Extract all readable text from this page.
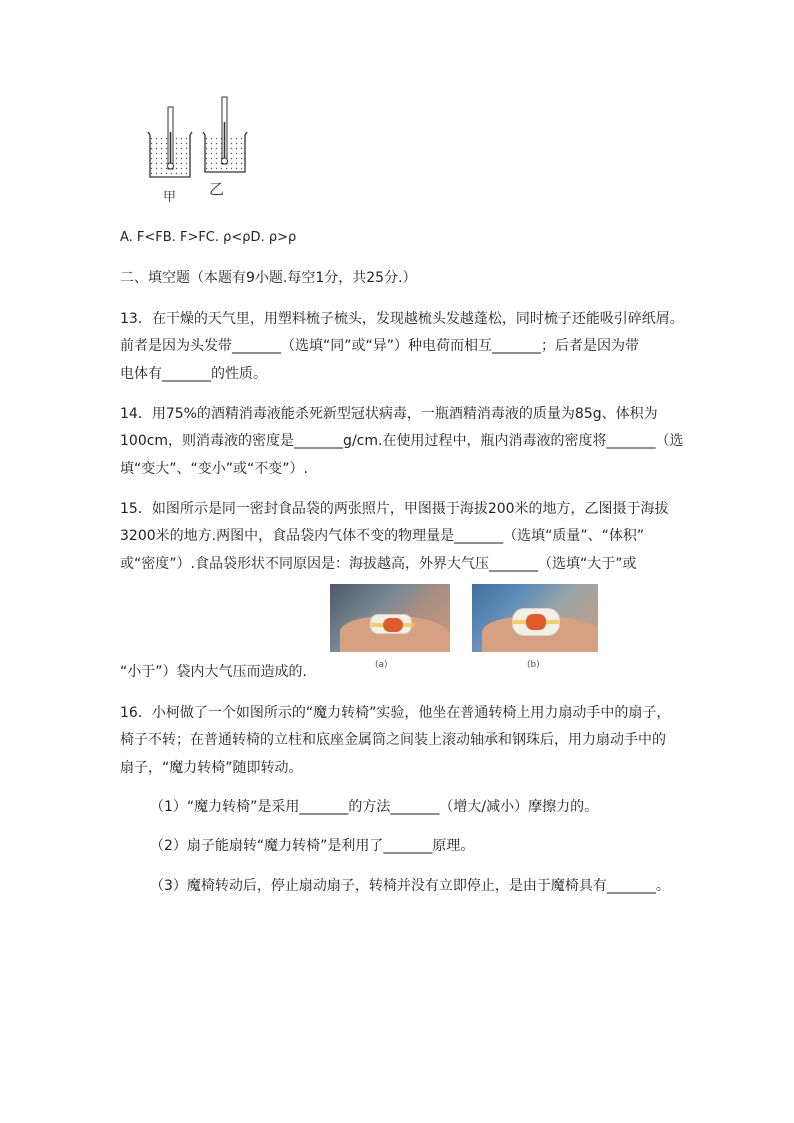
甲 乙
A. F<FB. F>FC. ρ<ρD. ρ>ρ
二、填空题（本题有9小题.每空1分，共25分.）
13．在干燥的天气里，用塑料梳子梳头，发现越梳头发越蓬松，同时梳子还能吸引碎纸屑。
前者是因为头发带_______（选填“同”或“异”）种电荷而相互_______；后者是因为带
电体有_______的性质。
14．用75%的酒精消毒液能杀死新型冠状病毒，一瓶酒精消毒液的质量为85g、体积为
100cm，则消毒液的密度是_______g/cm.在使用过程中，瓶内消毒液的密度将_______（选
填“变大”、“变小”或“不变”）.
15．如图所示是同一密封食品袋的两张照片，甲图摄于海拔200米的地方，乙图摄于海拔
3200米的地方.两图中，食品袋内气体不变的物理量是_______（选填“质量”、“体积”
或“密度”）.食品袋形状不同原因是：海拔越高，外界大气压_______（选填“大于”或
(a)	(b)
“小于”）袋内大气压而造成的.
16．小柯做了一个如图所示的“魔力转椅”实验，他坐在普通转椅上用力扇动手中的扇子，
椅子不转；在普通转椅的立柱和底座金属筒之间装上滚动轴承和钢珠后，用力扇动手中的
扇子，“魔力转椅”随即转动。
（1）“魔力转椅”是采用_______的方法_______（增大/减小）摩擦力的。
（2）扇子能扇转“魔力转椅”是利用了_______原理。
（3）魔椅转动后，停止扇动扇子，转椅并没有立即停止，是由于魔椅具有_______。
